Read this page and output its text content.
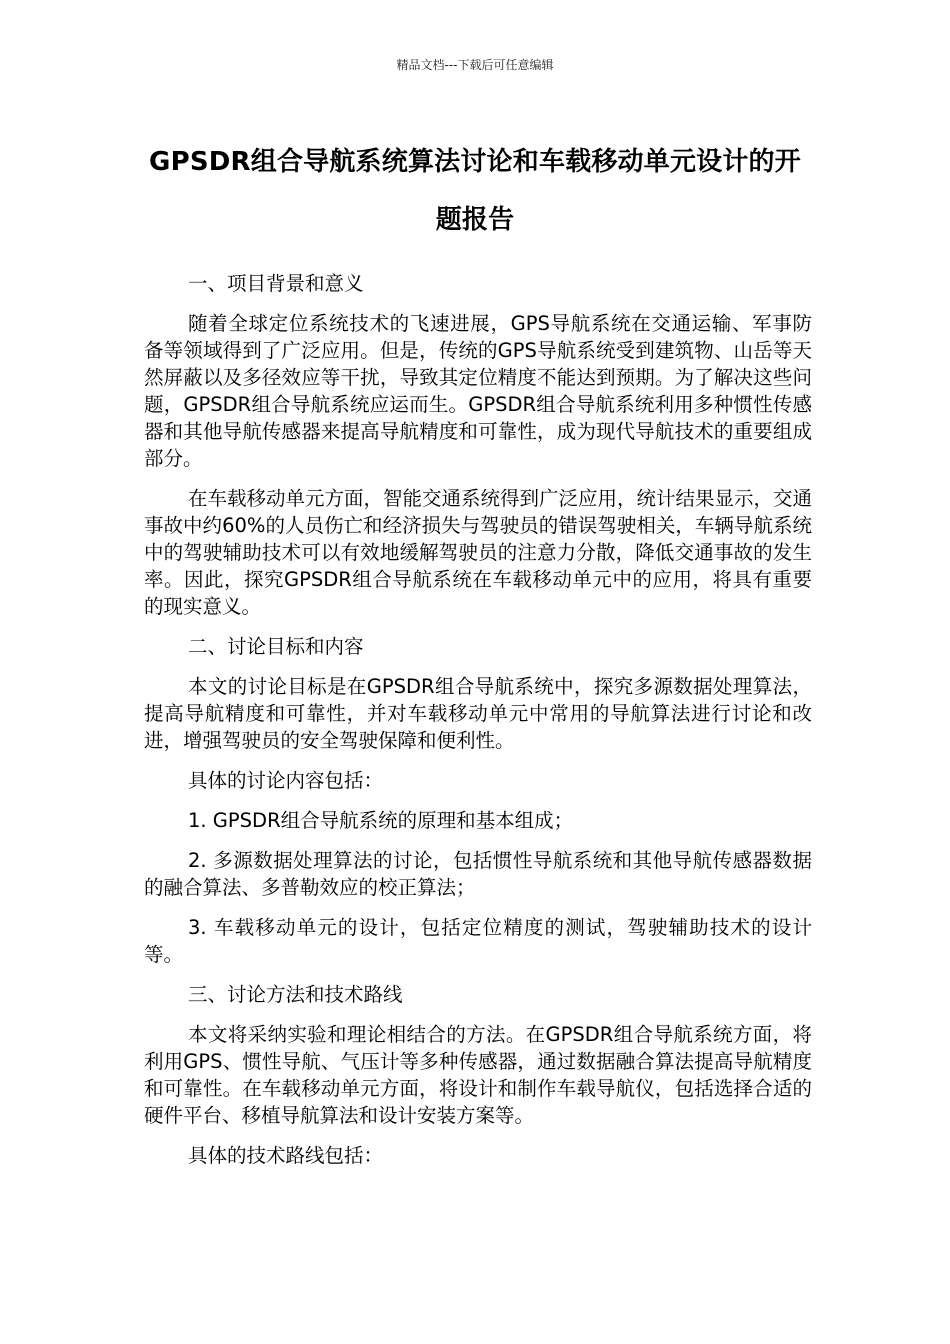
精品文档---下载后可任意编辑
GPSDR组合导航系统算法讨论和车载移动单元设计的开题报告

一、项目背景和意义

随着全球定位系统技术的飞速进展，GPS导航系统在交通运输、军事防备等领域得到了广泛应用。但是，传统的GPS导航系统受到建筑物、山岳等天然屏蔽以及多径效应等干扰，导致其定位精度不能达到预期。为了解决这些问题，GPSDR组合导航系统应运而生。GPSDR组合导航系统利用多种惯性传感器和其他导航传感器来提高导航精度和可靠性，成为现代导航技术的重要组成部分。

在车载移动单元方面，智能交通系统得到广泛应用，统计结果显示，交通事故中约60%的人员伤亡和经济损失与驾驶员的错误驾驶相关，车辆导航系统中的驾驶辅助技术可以有效地缓解驾驶员的注意力分散，降低交通事故的发生率。因此，探究GPSDR组合导航系统在车载移动单元中的应用，将具有重要的现实意义。

二、讨论目标和内容

本文的讨论目标是在GPSDR组合导航系统中，探究多源数据处理算法，提高导航精度和可靠性，并对车载移动单元中常用的导航算法进行讨论和改进，增强驾驶员的安全驾驶保障和便利性。

具体的讨论内容包括：

1. GPSDR组合导航系统的原理和基本组成；

2. 多源数据处理算法的讨论，包括惯性导航系统和其他导航传感器数据的融合算法、多普勒效应的校正算法；

3. 车载移动单元的设计，包括定位精度的测试，驾驶辅助技术的设计等。

三、讨论方法和技术路线

本文将采纳实验和理论相结合的方法。在GPSDR组合导航系统方面，将利用GPS、惯性导航、气压计等多种传感器，通过数据融合算法提高导航精度和可靠性。在车载移动单元方面，将设计和制作车载导航仪，包括选择合适的硬件平台、移植导航算法和设计安装方案等。

具体的技术路线包括：
